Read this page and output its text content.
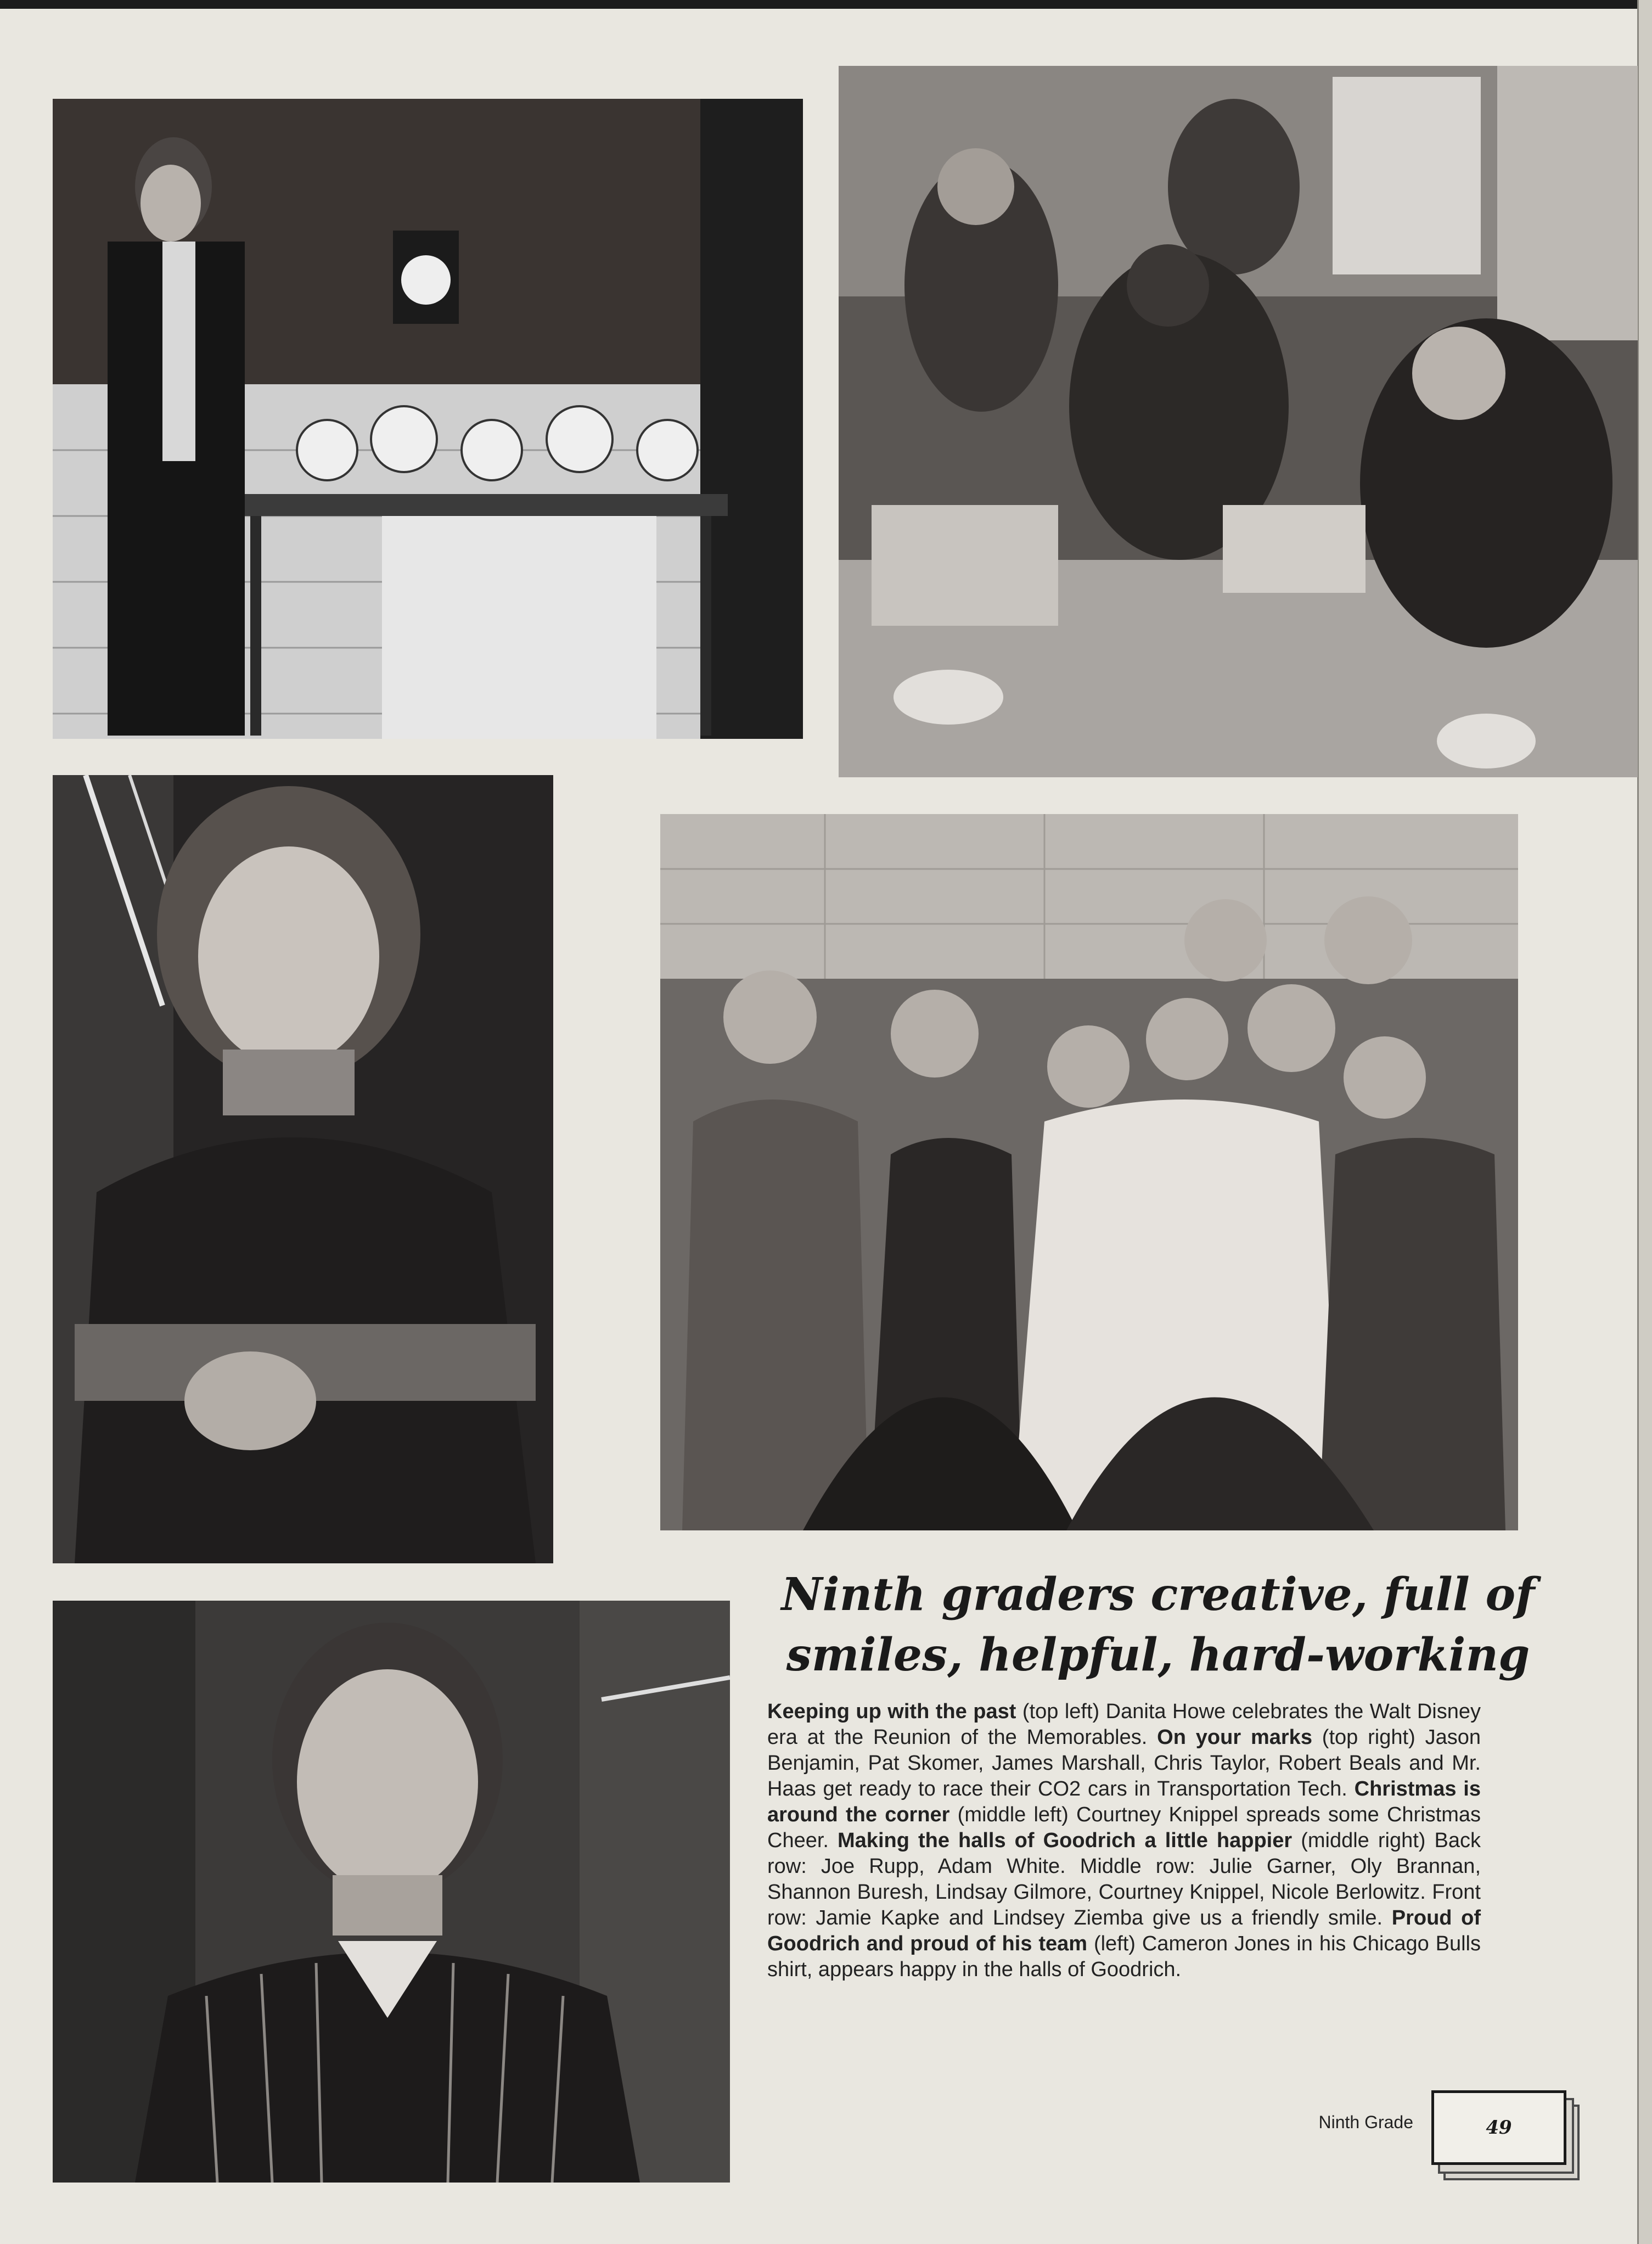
Ninth graders creative, full of
smiles, helpful, hard-working

Keeping up with the past (top left) Danita Howe celebrates the Walt Disney era at the Reunion of the Memorables. On your marks (top right) Jason Benjamin, Pat Skomer, James Marshall, Chris Taylor, Robert Beals and Mr. Haas get ready to race their CO2 cars in Transportation Tech. Christmas is around the corner (middle left) Courtney Knippel spreads some Christmas Cheer. Making the halls of Goodrich a little happier (middle right) Back row: Joe Rupp, Adam White. Middle row: Julie Garner, Oly Brannan, Shannon Buresh, Lindsay Gilmore, Courtney Knippel, Nicole Berlowitz. Front row: Jamie Kapke and Lindsey Ziemba give us a friendly smile. Proud of Goodrich and proud of his team (left) Cameron Jones in his Chicago Bulls shirt, appears happy in the halls of Goodrich.

Ninth Grade	49
